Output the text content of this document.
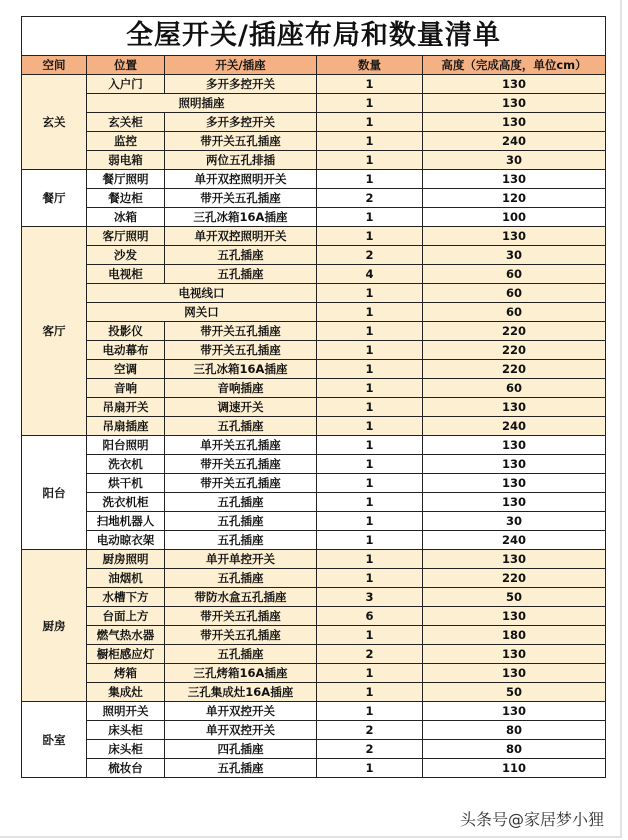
全屋开关/插座布局和数量清单				
空间	位置	开关/插座	数量	高度（完成高度，单位cm）
玄关	入户门	多开多控开关	1	130
	照明插座		1	130
	玄关柜	多开多控开关	1	130
	监控	带开关五孔插座	1	240
	弱电箱	两位五孔排插	1	30
餐厅	餐厅照明	单开双控照明开关	1	130
	餐边柜	带开关五孔插座	2	120
	冰箱	三孔冰箱16A插座	1	100
客厅	客厅照明	单开双控照明开关	1	130
	沙发	五孔插座	2	30
	电视柜	五孔插座	4	60
	电视线口		1	60
	网关口		1	60
	投影仪	带开关五孔插座	1	220
	电动幕布	带开关五孔插座	1	220
	空调	三孔冰箱16A插座	1	220
	音响	音响插座	1	60
	吊扇开关	调速开关	1	130
	吊扇插座	五孔插座	1	240
阳台	阳台照明	单开关五孔插座	1	130
	洗衣机	带开关五孔插座	1	130
	烘干机	带开关五孔插座	1	130
	洗衣机柜	五孔插座	1	130
	扫地机器人	五孔插座	1	30
	电动晾衣架	五孔插座	1	240
厨房	厨房照明	单开单控开关	1	130
	油烟机	五孔插座	1	220
	水槽下方	带防水盒五孔插座	3	50
	台面上方	带开关五孔插座	6	130
	燃气热水器	带开关五孔插座	1	180
	橱柜感应灯	五孔插座	2	130
	烤箱	三孔烤箱16A插座	1	130
	集成灶	三孔集成灶16A插座	1	50
卧室	照明开关	单开双控开关	1	130
	床头柜	单开双控开关	2	80
	床头柜	四孔插座	2	80
	梳妆台	五孔插座	1	110
头条号@家居梦小狸
